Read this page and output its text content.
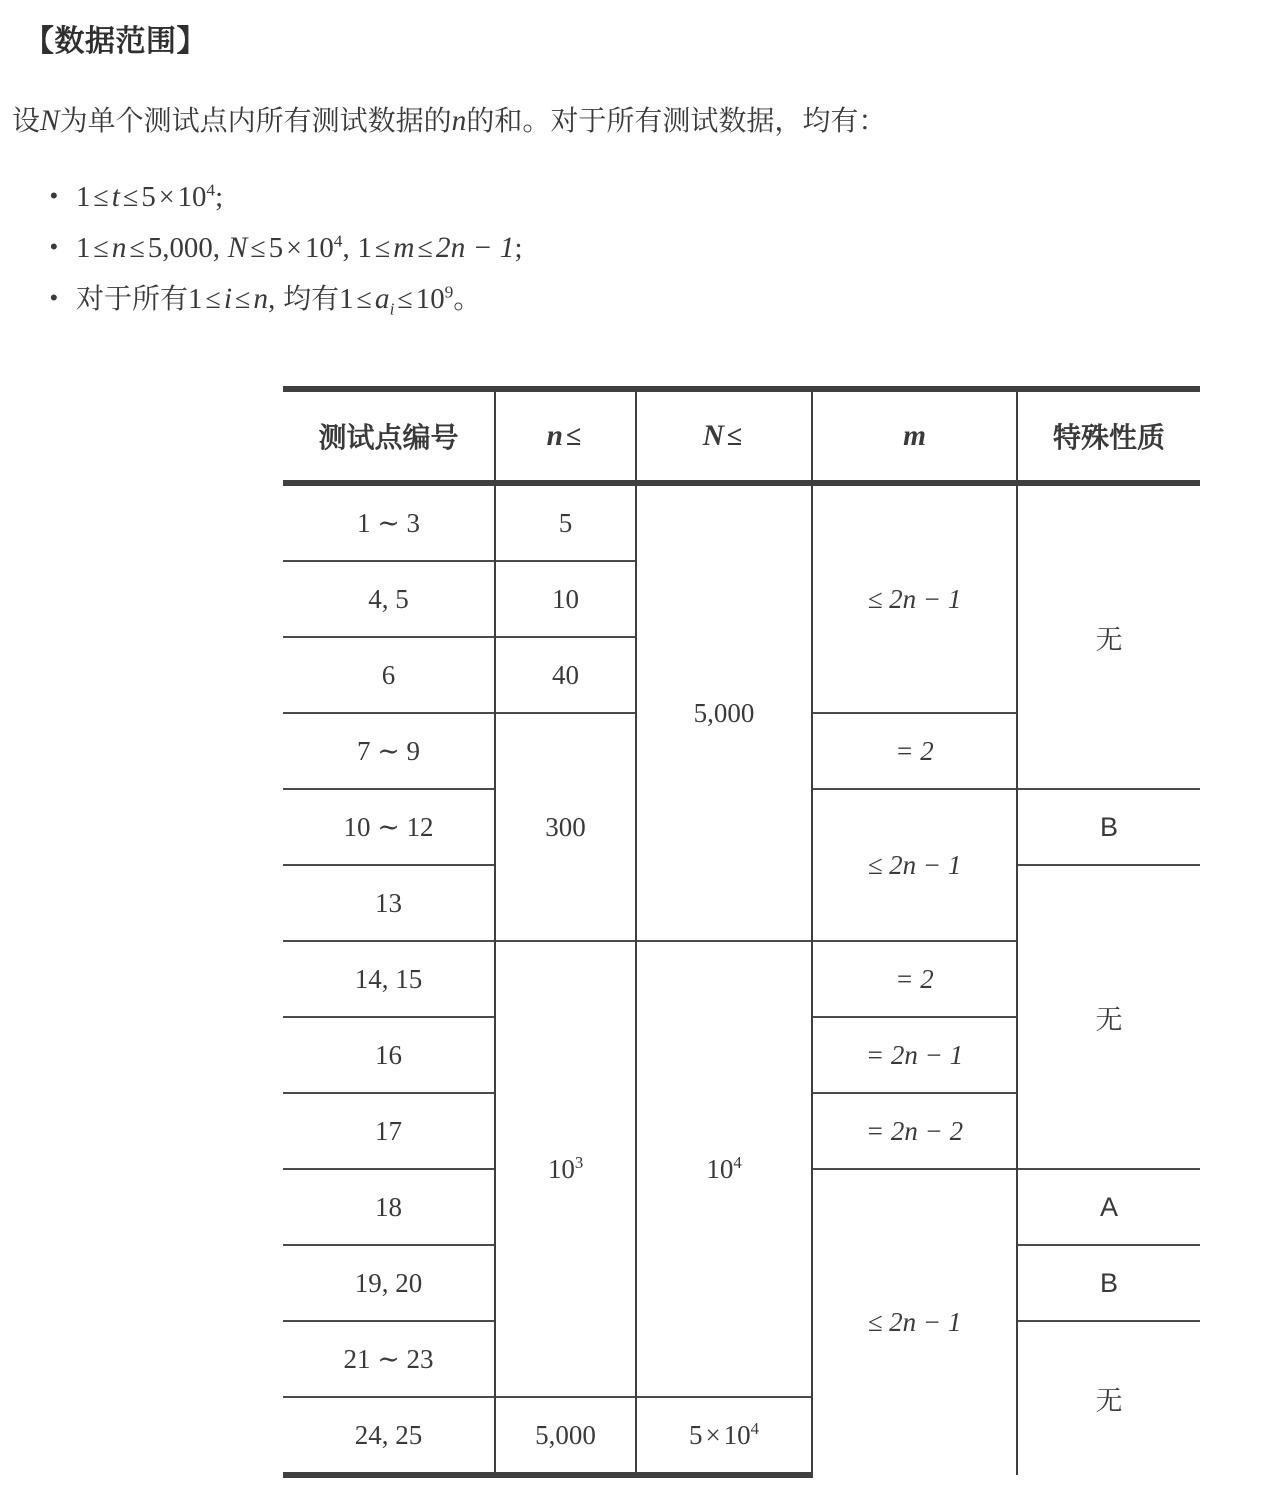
【数据范围】
设N为单个测试点内所有测试数据的n的和。对于所有测试数据，均有：
• $1 \le t \le 5 \times 10^4$;
• 1 ≤ n ≤ 5,000, $N \le 5 \times 10^4$, 1 ≤ m ≤ 2n − 1;
• 对于所有1 ≤ i ≤ n, 均有$1 \le a_i \le 10^9$。
测试点编号	n ≤	N ≤	m	特殊性质
1 ∼ 3	5	5,000	≤ 2n − 1	无
4, 5	10			
6	40			
7 ∼ 9	300		= 2	
10 ∼ 12			≤ 2n − 1	B
13				无
14, 15	$10^3$	$10^4$	= 2	
16			= 2n − 1	
17			= 2n − 2	
18			≤ 2n − 1	A
19, 20				B
21 ∼ 23				无
24, 25	5,000	$5 \times 10^4$
